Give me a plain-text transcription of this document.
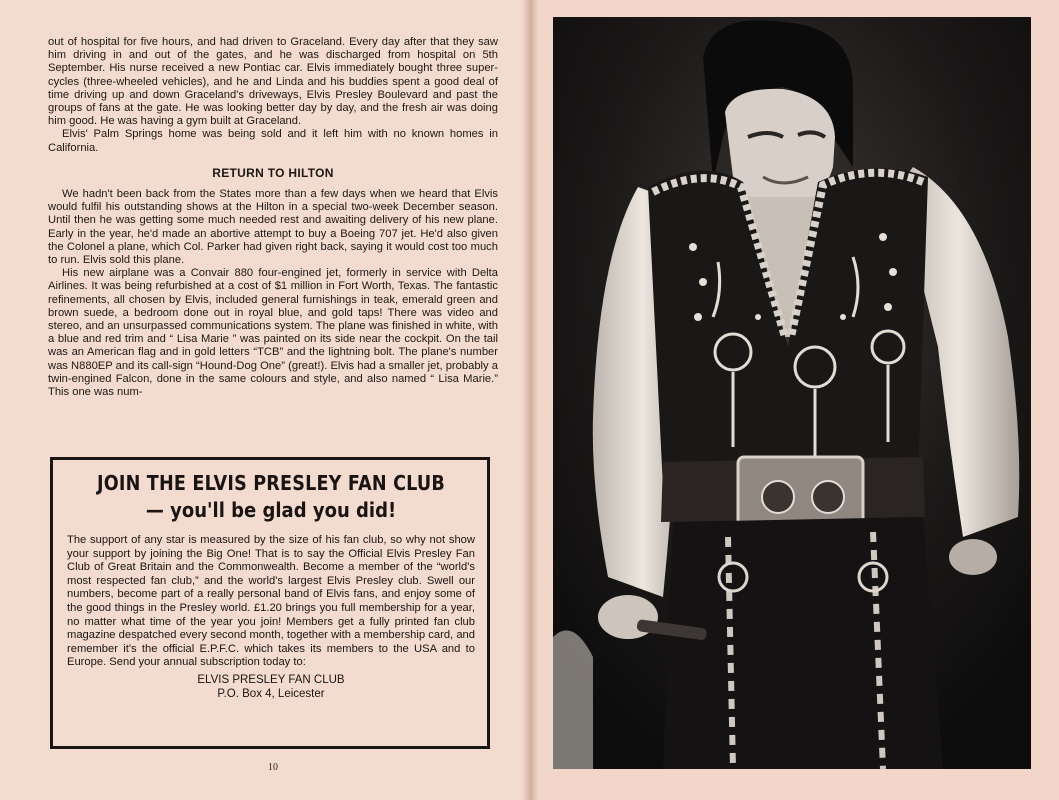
out of hospital for five hours, and had driven to Graceland. Every day after that they saw him driving in and out of the gates, and he was discharged from hospital on 5th September. His nurse received a new Pontiac car. Elvis immediately bought three super-cycles (three-wheeled vehicles), and he and Linda and his buddies spent a good deal of time driving up and down Graceland's driveways, Elvis Presley Boulevard and past the groups of fans at the gate. He was looking better day by day, and the fresh air was doing him good. He was having a gym built at Graceland.

Elvis' Palm Springs home was being sold and it left him with no known homes in California.

RETURN TO HILTON

We hadn't been back from the States more than a few days when we heard that Elvis would fulfil his outstanding shows at the Hilton in a special two-week December season. Until then he was getting some much needed rest and awaiting delivery of his new plane. Early in the year, he'd made an abortive attempt to buy a Boeing 707 jet. He'd also given the Colonel a plane, which Col. Parker had given right back, saying it would cost too much to run. Elvis sold this plane.

His new airplane was a Convair 880 four-engined jet, formerly in service with Delta Airlines. It was being refurbished at a cost of $1 million in Fort Worth, Texas. The fantastic refinements, all chosen by Elvis, included general furnishings in teak, emerald green and brown suede, a bedroom done out in royal blue, and gold taps! There was video and stereo, and an unsurpassed communications system. The plane was finished in white, with a blue and red trim and “ Lisa Marie ” was painted on its side near the cockpit. On the tail was an American flag and in gold letters “TCB” and the lightning bolt. The plane's number was N880EP and its call-sign “Hound-Dog One” (great!). Elvis had a smaller jet, probably a twin-engined Falcon, done in the same colours and style, and also named “ Lisa Marie.” This one was num-

JOIN THE ELVIS PRESLEY FAN CLUB
— you'll be glad you did!
The support of any star is measured by the size of his fan club, so why not show your support by joining the Big One! That is to say the Official Elvis Presley Fan Club of Great Britain and the Commonwealth. Become a member of the “world's most respected fan club,” and the world's largest Elvis Presley club. Swell our numbers, become part of a really personal band of Elvis fans, and enjoy some of the good things in the Presley world. £1.20 brings you full membership for a year, no matter what time of the year you join! Members get a fully printed fan club magazine despatched every second month, together with a membership card, and remember it's the official E.P.F.C. which takes its members to the USA and to Europe. Send your annual subscription today to:
ELVIS PRESLEY FAN CLUB
P.O. Box 4, Leicester
10
